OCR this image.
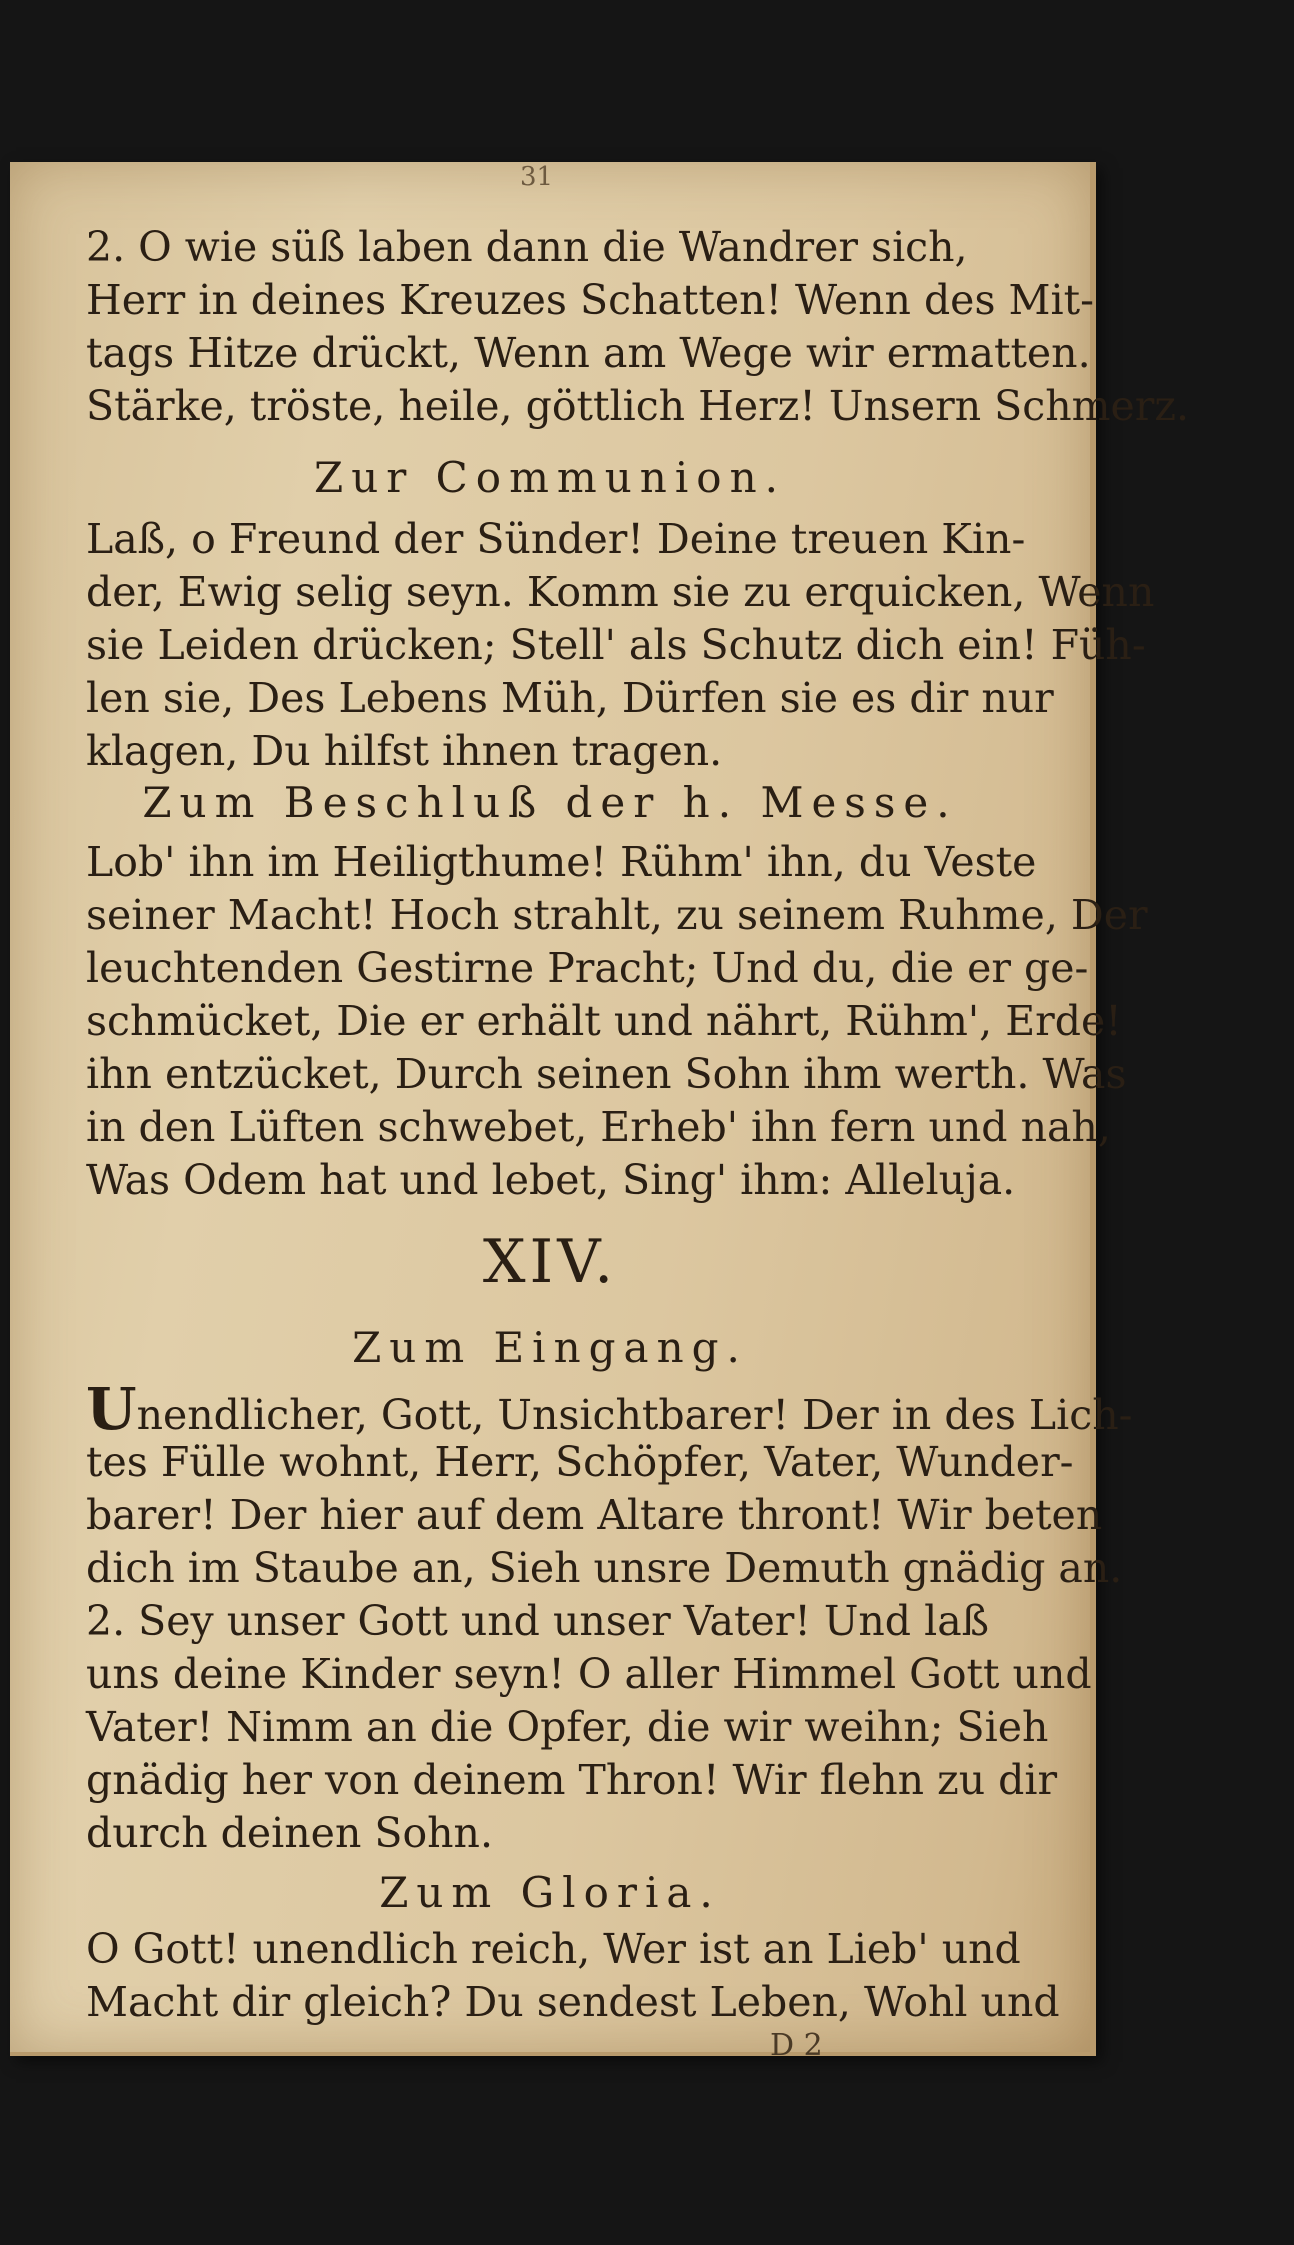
31
2. O wie süß laben dann die Wandrer sich,
Herr in deines Kreuzes Schatten! Wenn des Mit-
tags Hitze drückt, Wenn am Wege wir ermatten.
Stärke, tröste, heile, göttlich Herz! Unsern Schmerz.
Zur Communion.
Laß, o Freund der Sünder! Deine treuen Kin-
der, Ewig selig seyn. Komm sie zu erquicken, Wenn
sie Leiden drücken; Stell' als Schutz dich ein! Füh-
len sie, Des Lebens Müh, Dürfen sie es dir nur
klagen, Du hilfst ihnen tragen.
Zum Beschluß der h. Messe.
Lob' ihn im Heiligthume! Rühm' ihn, du Veste
seiner Macht! Hoch strahlt, zu seinem Ruhme, Der
leuchtenden Gestirne Pracht; Und du, die er ge-
schmücket, Die er erhält und nährt, Rühm', Erde!
ihn entzücket, Durch seinen Sohn ihm werth. Was
in den Lüften schwebet, Erheb' ihn fern und nah,
Was Odem hat und lebet, Sing' ihm: Alleluja.
XIV.
Zum Eingang.
Unendlicher, Gott, Unsichtbarer! Der in des Lich-
tes Fülle wohnt, Herr, Schöpfer, Vater, Wunder-
barer! Der hier auf dem Altare thront! Wir beten
dich im Staube an, Sieh unsre Demuth gnädig an.
2. Sey unser Gott und unser Vater! Und laß
uns deine Kinder seyn! O aller Himmel Gott und
Vater! Nimm an die Opfer, die wir weihn; Sieh
gnädig her von deinem Thron! Wir flehn zu dir
durch deinen Sohn.
Zum Gloria.
O Gott! unendlich reich, Wer ist an Lieb' und
Macht dir gleich? Du sendest Leben, Wohl und
D 2
